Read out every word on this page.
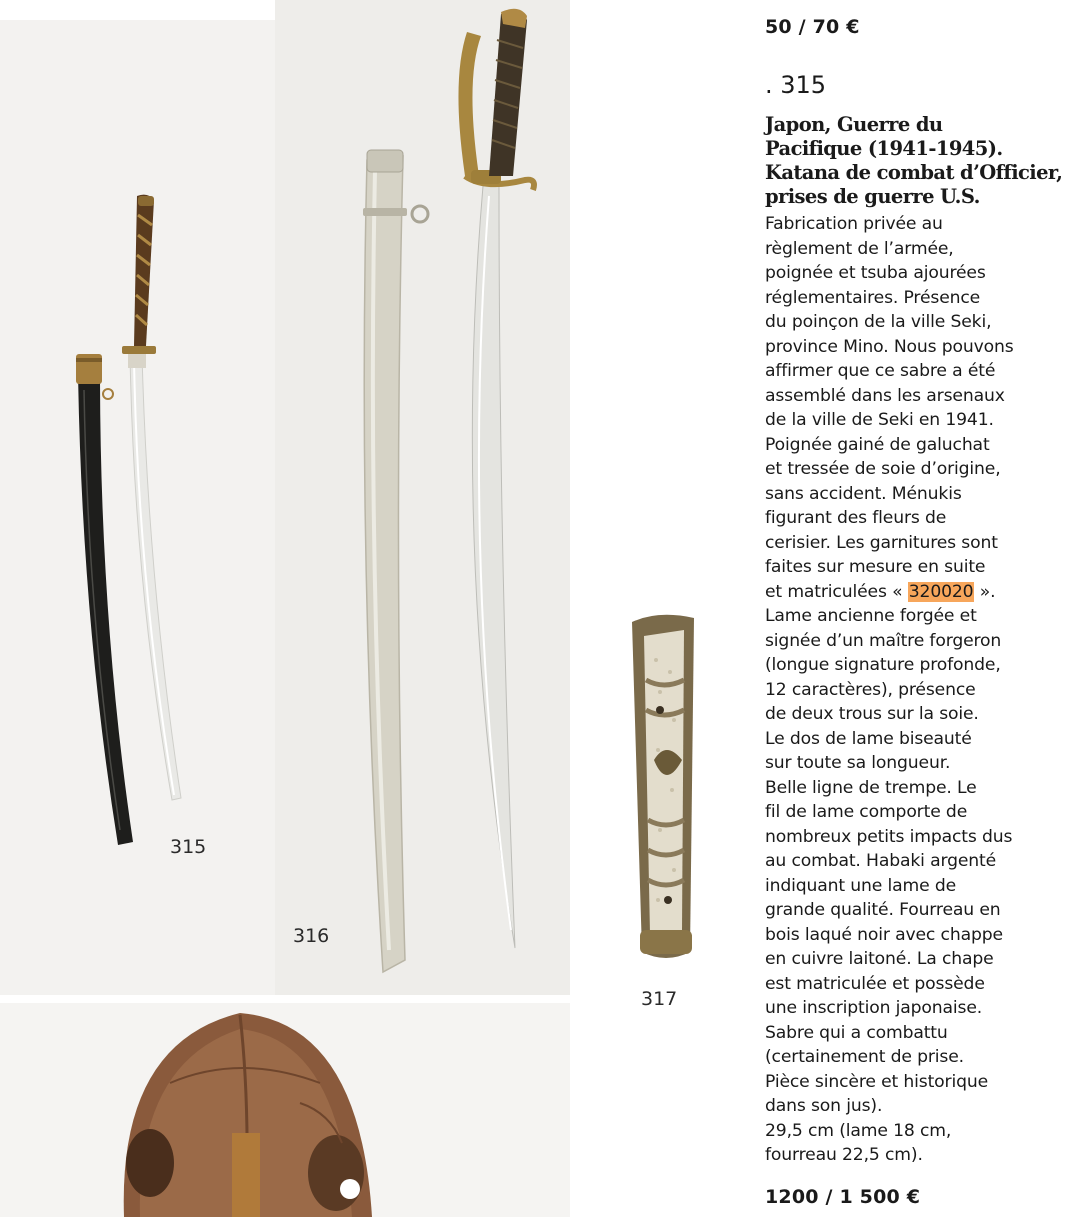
315
316
317
50 / 70 €
. 315
Japon, Guerre du
Pacifique (1941-1945).
Katana de combat d’Officier,
prises de guerre U.S.
Fabrication privée au
règlement de l’armée,
poignée et tsuba ajourées
réglementaires. Présence
du poinçon de la ville Seki,
province Mino. Nous pouvons
affirmer que ce sabre a été
assemblé dans les arsenaux
de la ville de Seki en 1941.
Poignée gainé de galuchat
et tressée de soie d’origine,
sans accident. Ménukis
figurant des fleurs de
cerisier. Les garnitures sont
faites sur mesure en suite
et matriculées « 320020 ».
Lame ancienne forgée et
signée d’un maître forgeron
(longue signature profonde,
12 caractères), présence
de deux trous sur la soie.
Le dos de lame biseauté
sur toute sa longueur.
Belle ligne de trempe. Le
fil de lame comporte de
nombreux petits impacts dus
au combat. Habaki argenté
indiquant une lame de
grande qualité. Fourreau en
bois laqué noir avec chappe
en cuivre laitoné. La chape
est matriculée et possède
une inscription japonaise.
Sabre qui a combattu
(certainement de prise.
Pièce sincère et historique
dans son jus).
29,5 cm (lame 18 cm,
fourreau 22,5 cm).
1200 / 1 500 €
